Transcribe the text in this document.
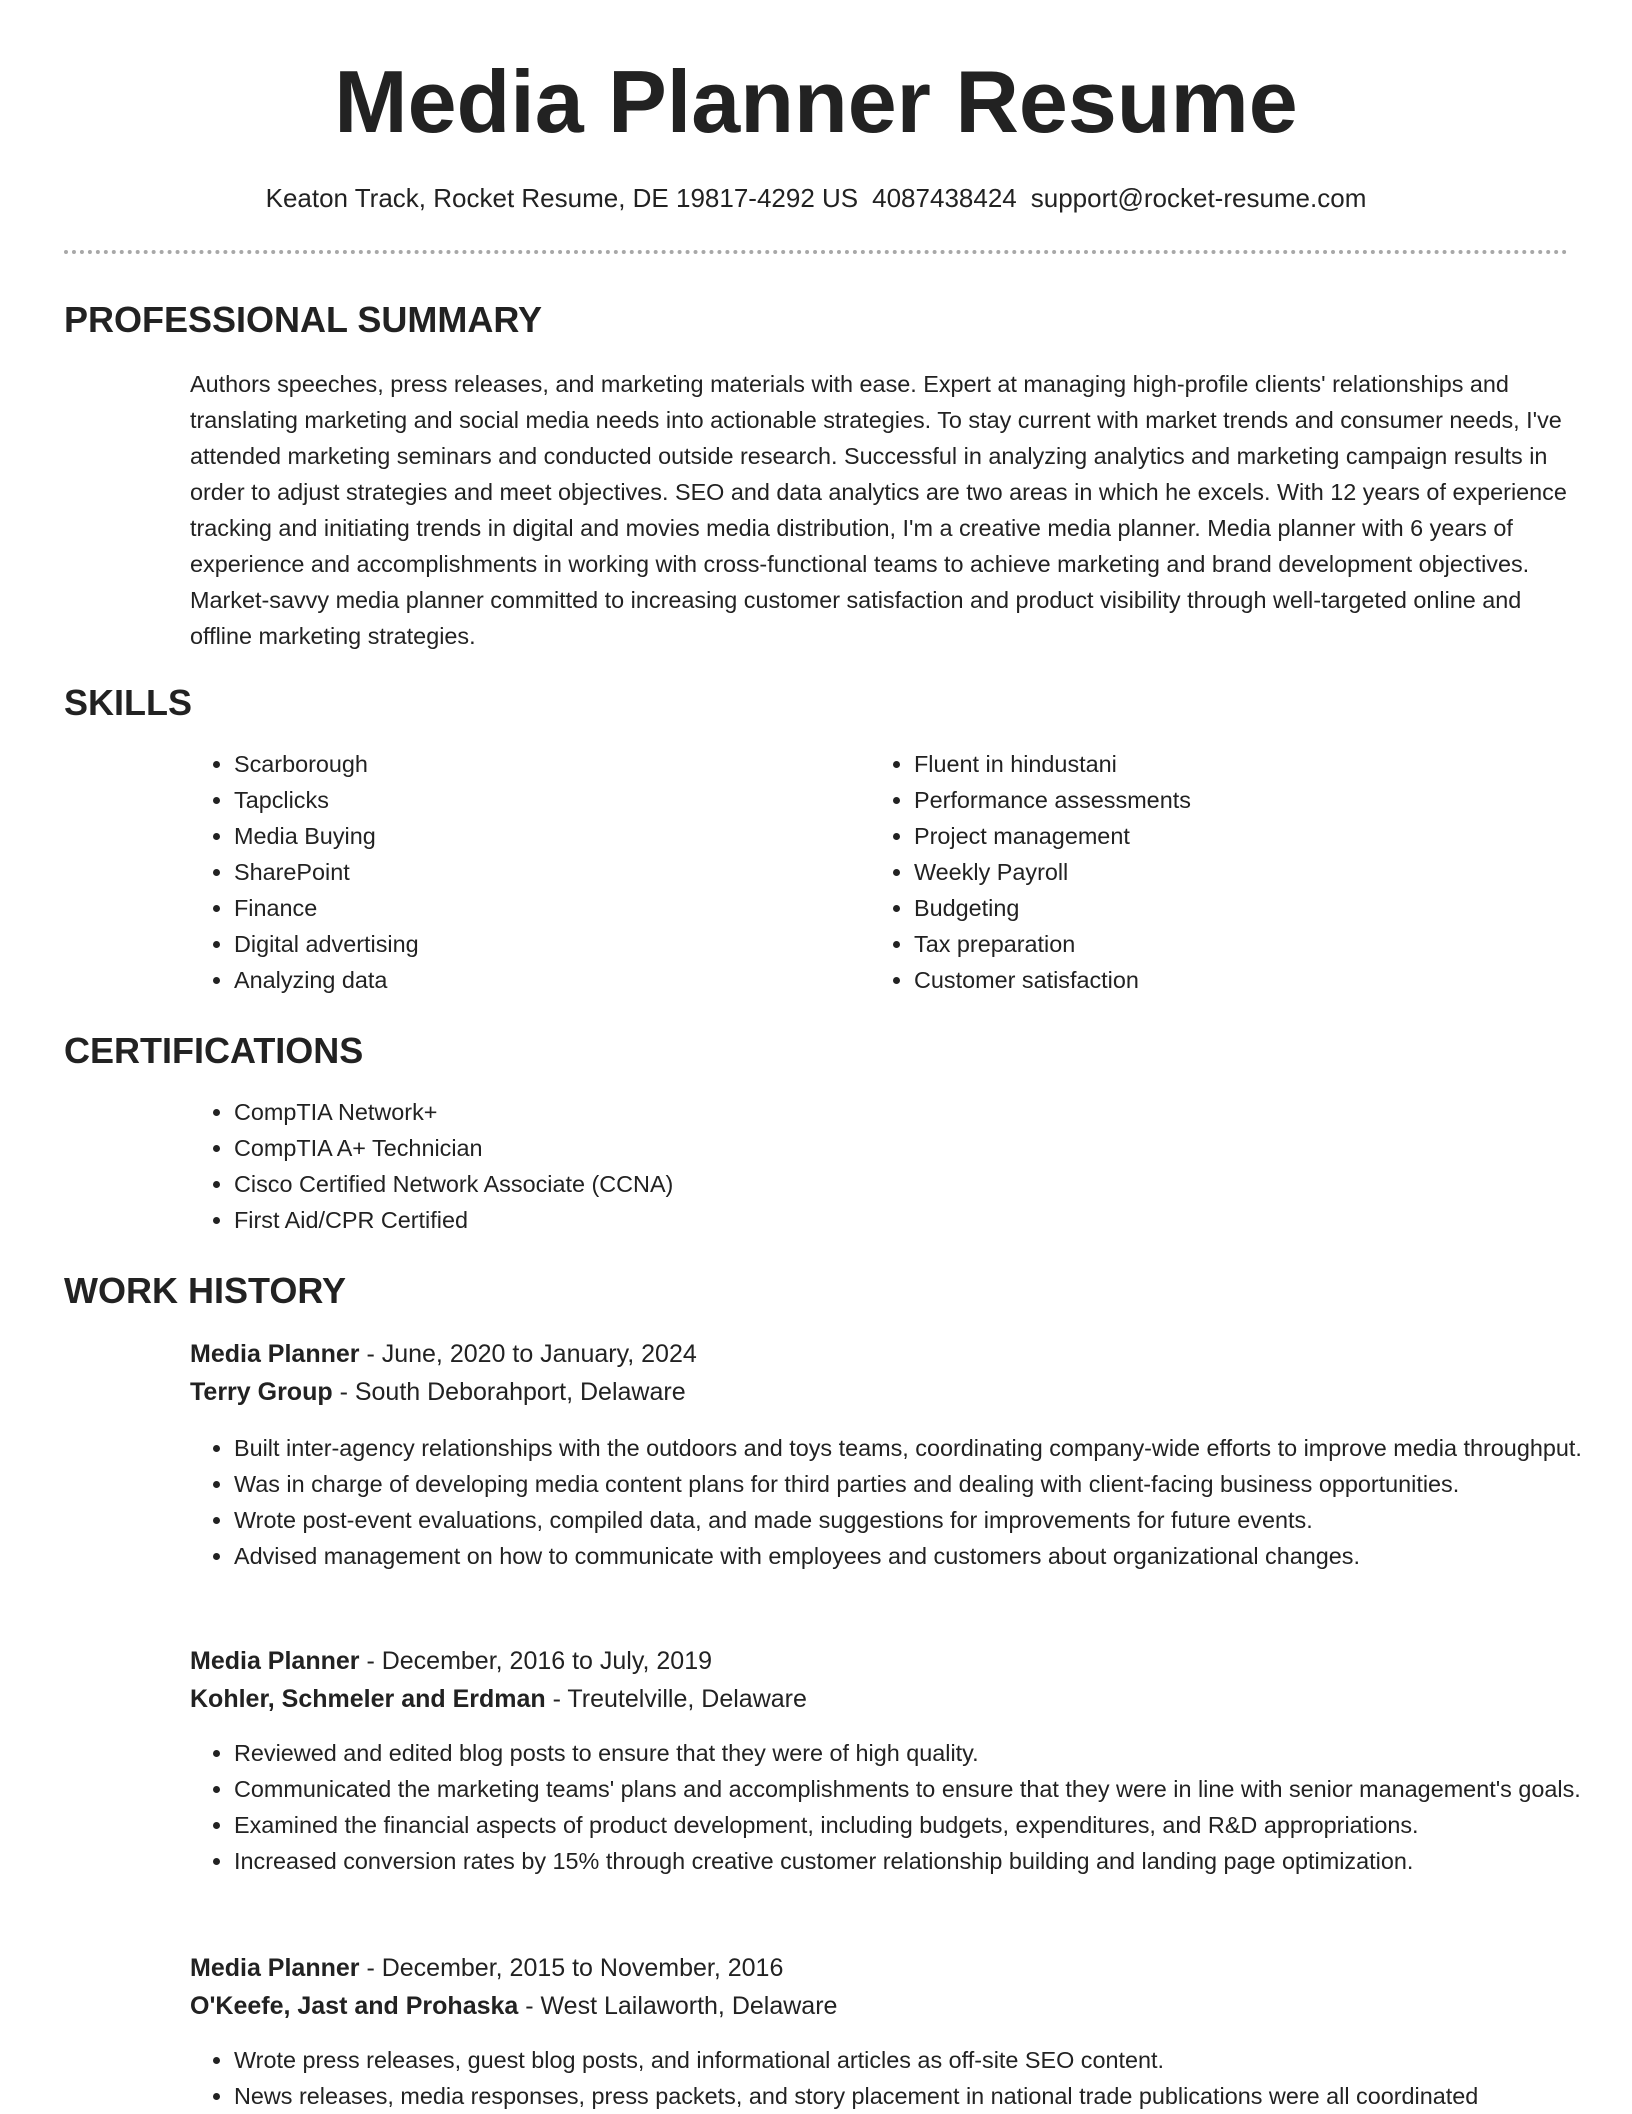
Media Planner Resume
Keaton Track, Rocket Resume, DE 19817-4292 US 4087438424 support@rocket-resume.com
PROFESSIONAL SUMMARY

Authors speeches, press releases, and marketing materials with ease. Expert at managing high-profile clients' relationships and translating marketing and social media needs into actionable strategies. To stay current with market trends and consumer needs, I've attended marketing seminars and conducted outside research. Successful in analyzing analytics and marketing campaign results in order to adjust strategies and meet objectives. SEO and data analytics are two areas in which he excels. With 12 years of experience tracking and initiating trends in digital and movies media distribution, I'm a creative media planner. Media planner with 6 years of experience and accomplishments in working with cross-functional teams to achieve marketing and brand development objectives. Market-savvy media planner committed to increasing customer satisfaction and product visibility through well-targeted online and offline marketing strategies.

SKILLS
• Scarborough
• Tapclicks
• Media Buying
• SharePoint
• Finance
• Digital advertising
• Analyzing data
• Fluent in hindustani
• Performance assessments
• Project management
• Weekly Payroll
• Budgeting
• Tax preparation
• Customer satisfaction
CERTIFICATIONS
• CompTIA Network+
• CompTIA A+ Technician
• Cisco Certified Network Associate (CCNA)
• First Aid/CPR Certified
WORK HISTORY
Media Planner - June, 2020 to January, 2024
Terry Group - South Deborahport, Delaware
• Built inter-agency relationships with the outdoors and toys teams, coordinating company-wide efforts to improve media throughput.
• Was in charge of developing media content plans for third parties and dealing with client-facing business opportunities.
• Wrote post-event evaluations, compiled data, and made suggestions for improvements for future events.
• Advised management on how to communicate with employees and customers about organizational changes.
Media Planner - December, 2016 to July, 2019
Kohler, Schmeler and Erdman - Treutelville, Delaware
• Reviewed and edited blog posts to ensure that they were of high quality.
• Communicated the marketing teams' plans and accomplishments to ensure that they were in line with senior management's goals.
• Examined the financial aspects of product development, including budgets, expenditures, and R&D appropriations.
• Increased conversion rates by 15% through creative customer relationship building and landing page optimization.
Media Planner - December, 2015 to November, 2016
O'Keefe, Jast and Prohaska - West Lailaworth, Delaware
• Wrote press releases, guest blog posts, and informational articles as off-site SEO content.
• News releases, media responses, press packets, and story placement in national trade publications were all coordinated
